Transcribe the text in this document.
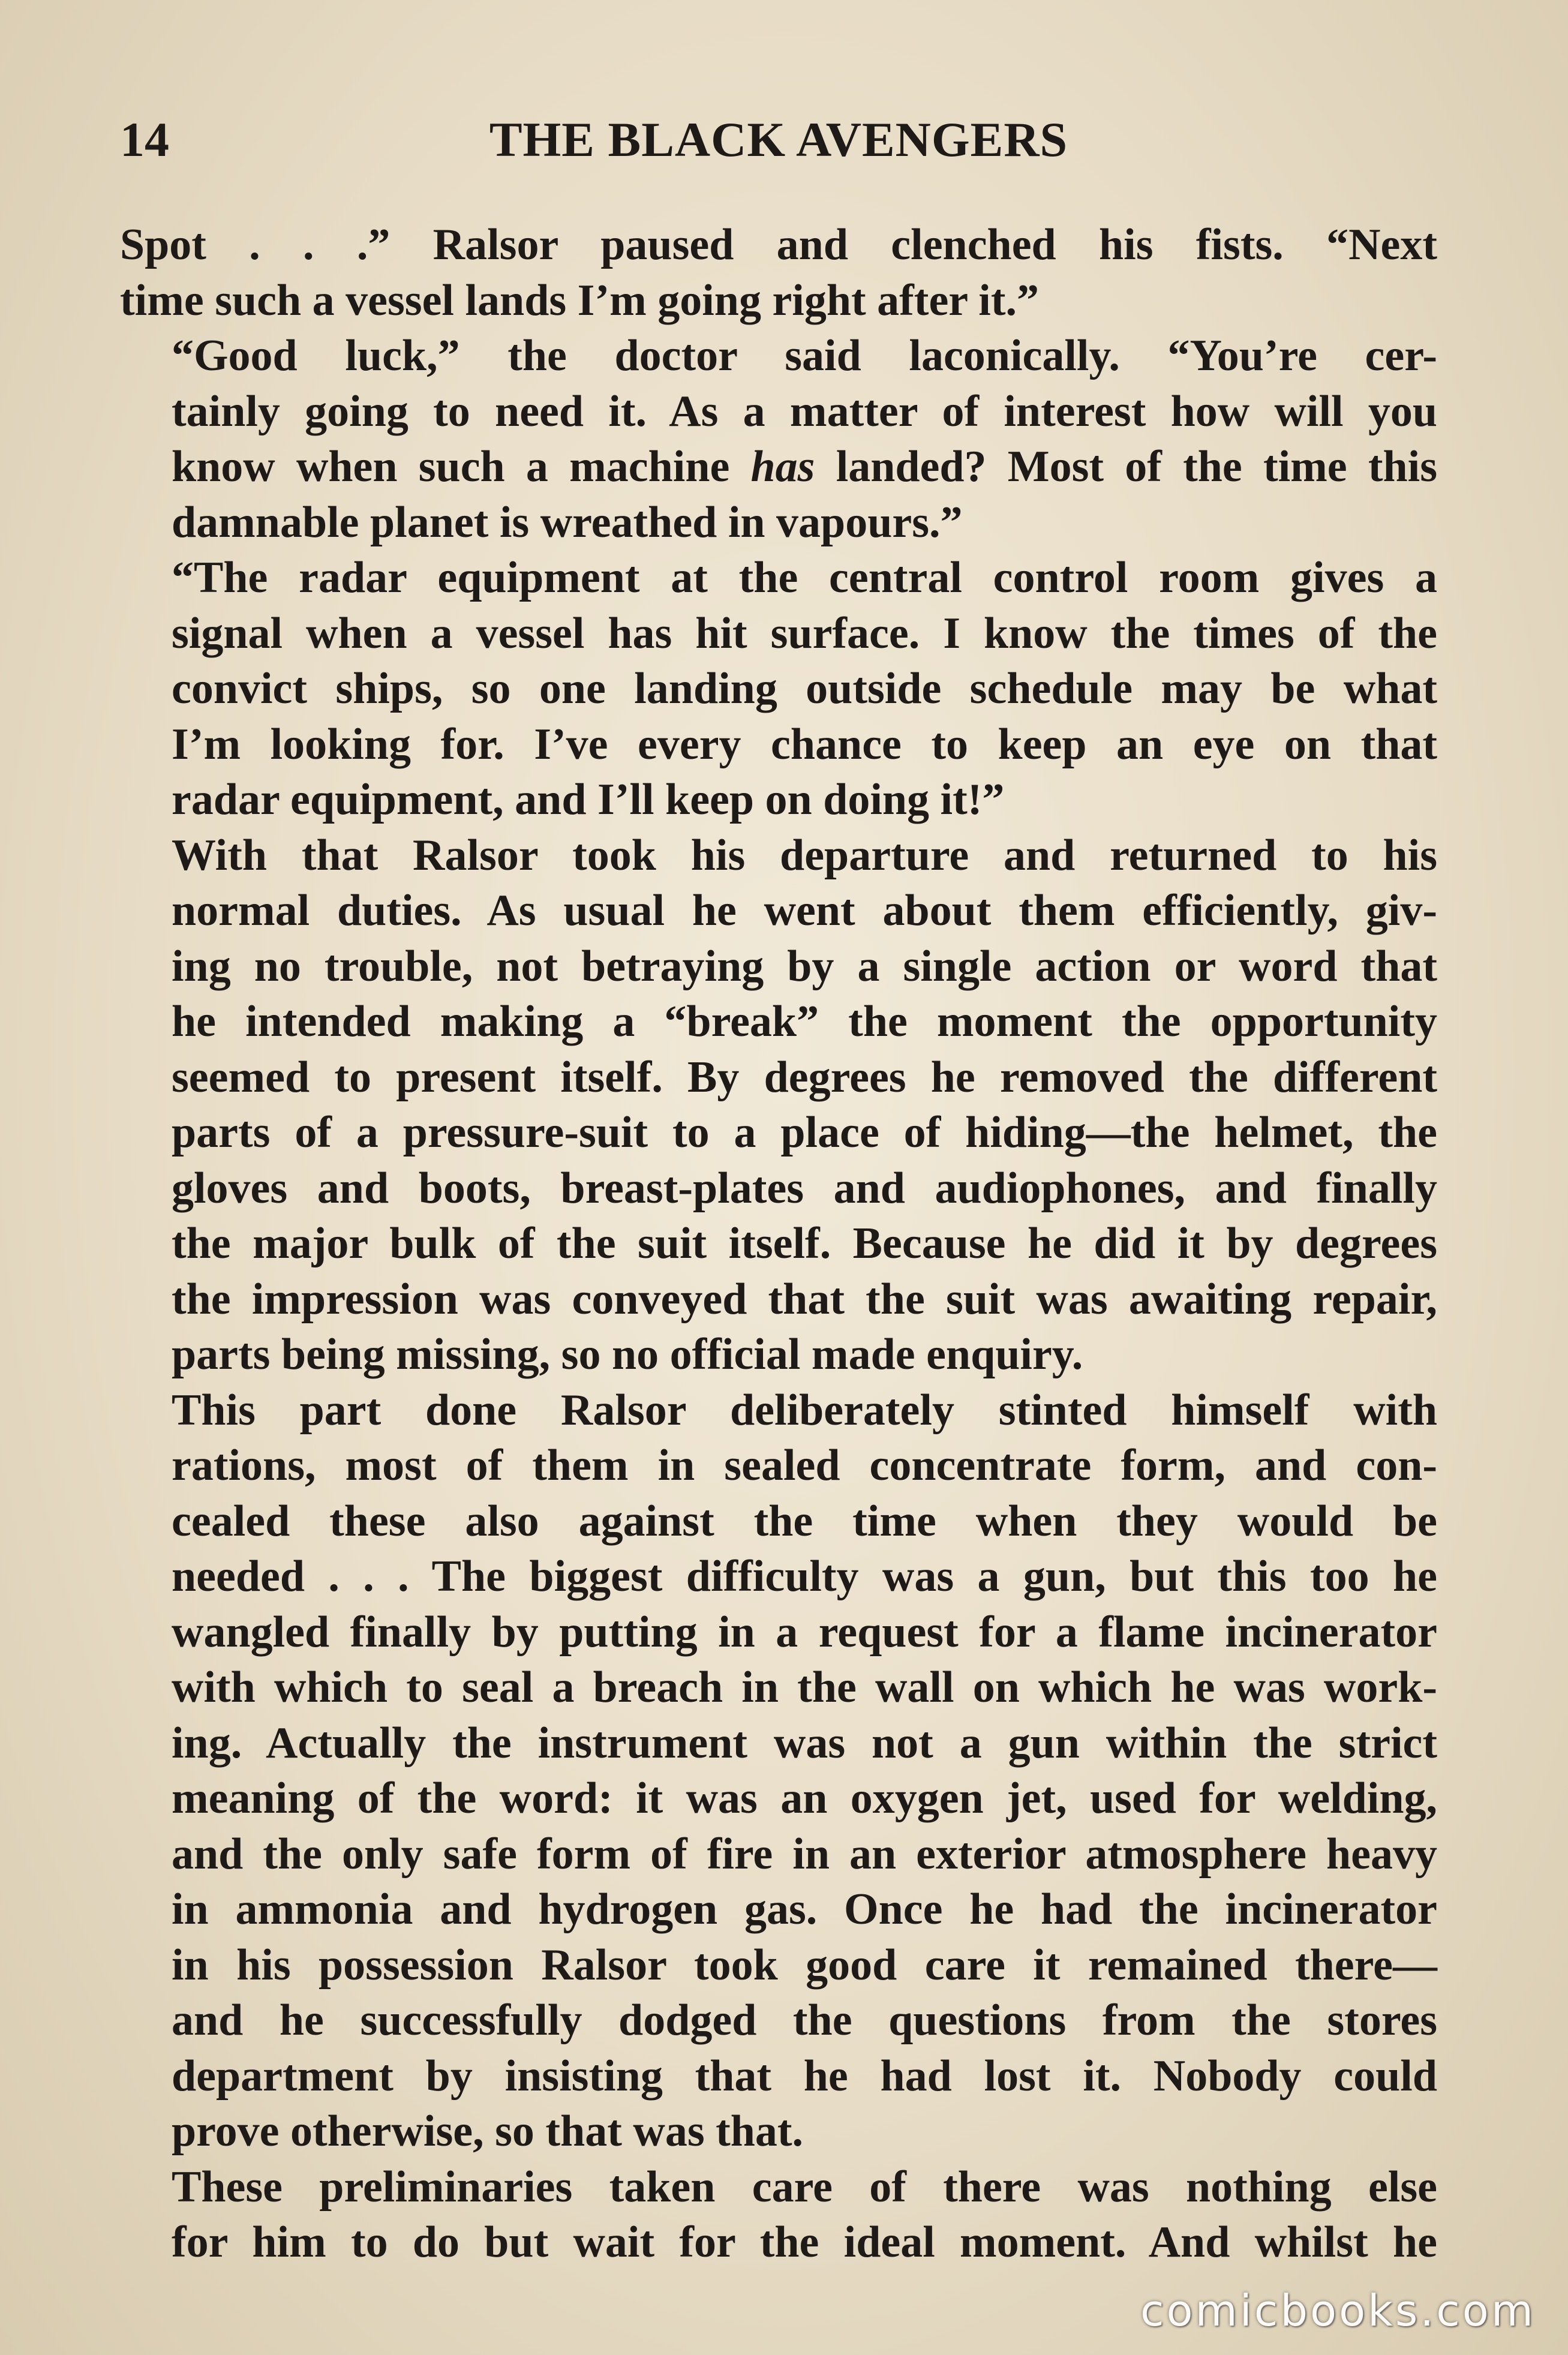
14	THE BLACK AVENGERS

Spot . . .” Ralsor paused and clenched his fists. “Next
time such a vessel lands I’m going right after it.”

“Good luck,” the doctor said laconically. “You’re cer-
tainly going to need it. As a matter of interest how will you
know when such a machine has landed? Most of the time this
damnable planet is wreathed in vapours.”

“The radar equipment at the central control room gives a
signal when a vessel has hit surface. I know the times of the
convict ships, so one landing outside schedule may be what
I’m looking for. I’ve every chance to keep an eye on that
radar equipment, and I’ll keep on doing it!”

With that Ralsor took his departure and returned to his
normal duties. As usual he went about them efficiently, giv-
ing no trouble, not betraying by a single action or word that
he intended making a “break” the moment the opportunity
seemed to present itself. By degrees he removed the different
parts of a pressure-suit to a place of hiding—the helmet, the
gloves and boots, breast-plates and audiophones, and finally
the major bulk of the suit itself. Because he did it by degrees
the impression was conveyed that the suit was awaiting repair,
parts being missing, so no official made enquiry.

This part done Ralsor deliberately stinted himself with
rations, most of them in sealed concentrate form, and con-
cealed these also against the time when they would be
needed . . . The biggest difficulty was a gun, but this too he
wangled finally by putting in a request for a flame incinerator
with which to seal a breach in the wall on which he was work-
ing. Actually the instrument was not a gun within the strict
meaning of the word: it was an oxygen jet, used for welding,
and the only safe form of fire in an exterior atmosphere heavy
in ammonia and hydrogen gas. Once he had the incinerator
in his possession Ralsor took good care it remained there—
and he successfully dodged the questions from the stores
department by insisting that he had lost it. Nobody could
prove otherwise, so that was that.

These preliminaries taken care of there was nothing else
for him to do but wait for the ideal moment. And whilst he

comicbooks.com
